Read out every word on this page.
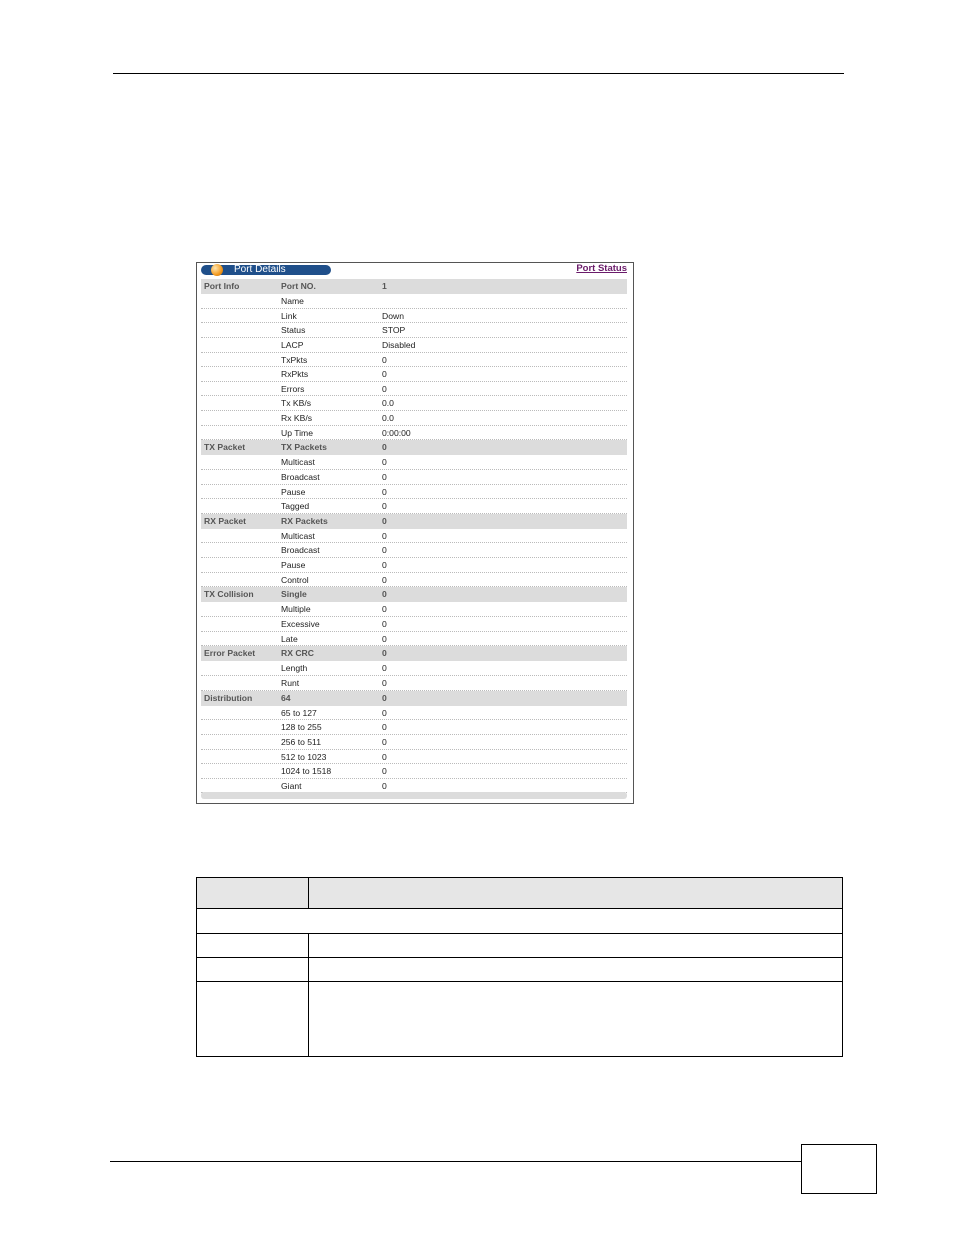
Port Details	Port Status
Port Info	Port NO.	1
Name
Link	Down
Status	STOP
LACP	Disabled
TxPkts	0
RxPkts	0
Errors	0
Tx KB/s	0.0
Rx KB/s	0.0
Up Time	0:00:00
TX Packet	TX Packets	0
Multicast	0
Broadcast	0
Pause	0
Tagged	0
RX Packet	RX Packets	0
Multicast	0
Broadcast	0
Pause	0
Control	0
TX Collision	Single	0
Multiple	0
Excessive	0
Late	0
Error Packet	RX CRC	0
Length	0
Runt	0
Distribution	64	0
65 to 127	0
128 to 255	0
256 to 511	0
512 to 1023	0
1024 to 1518	0
Giant	0
